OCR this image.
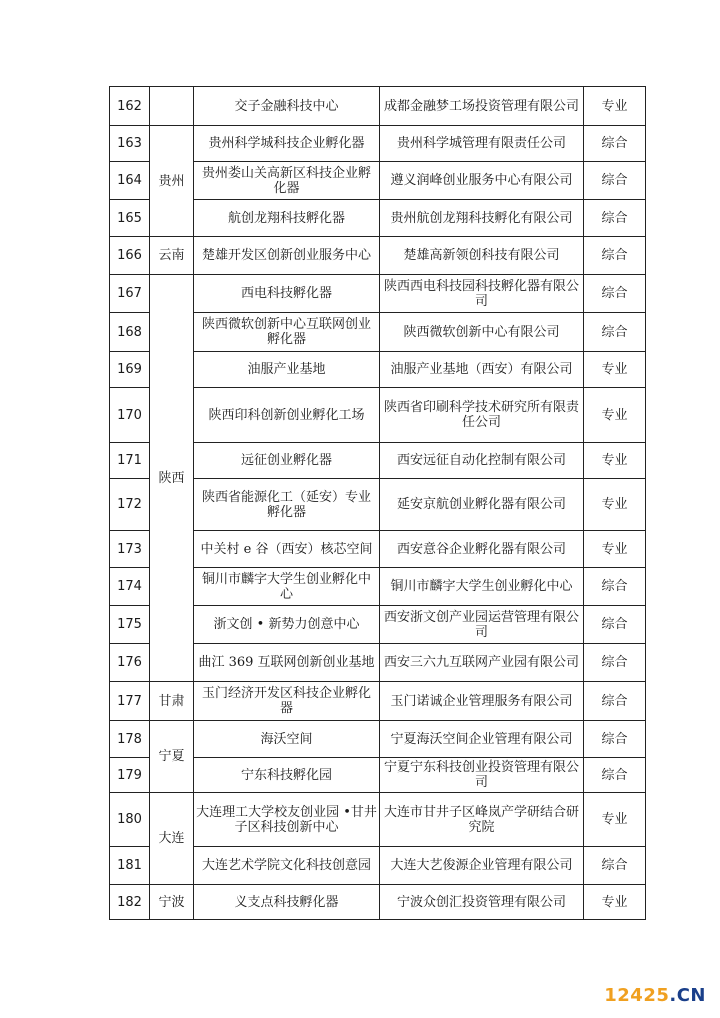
162		交子金融科技中心	成都金融梦工场投资管理有限公司	专业
163	贵州	贵州科学城科技企业孵化器	贵州科学城管理有限责任公司	综合
164		贵州娄山关高新区科技企业孵化器	遵义润峰创业服务中心有限公司	综合
165		航创龙翔科技孵化器	贵州航创龙翔科技孵化有限公司	综合
166	云南	楚雄开发区创新创业服务中心	楚雄高新领创科技有限公司	综合
167	陕西	西电科技孵化器	陕西西电科技园科技孵化器有限公司	综合
168		陕西微软创新中心互联网创业孵化器	陕西微软创新中心有限公司	综合
169		油服产业基地	油服产业基地（西安）有限公司	专业
170		陕西印科创新创业孵化工场	陕西省印刷科学技术研究所有限责任公司	专业
171		远征创业孵化器	西安远征自动化控制有限公司	专业
172		陕西省能源化工（延安）专业孵化器	延安京航创业孵化器有限公司	专业
173		中关村 e 谷（西安）核芯空间	西安意谷企业孵化器有限公司	专业
174		铜川市麟字大学生创业孵化中心	铜川市麟字大学生创业孵化中心	综合
175		浙文创 • 新势力创意中心	西安浙文创产业园运营管理有限公司	综合
176		曲江 369 互联网创新创业基地	西安三六九互联网产业园有限公司	综合
177	甘肃	玉门经济开发区科技企业孵化器	玉门诺诚企业管理服务有限公司	综合
178	宁夏	海沃空间	宁夏海沃空间企业管理有限公司	综合
179		宁东科技孵化园	宁夏宁东科技创业投资管理有限公司	综合
180	大连	大连理工大学校友创业园 •甘井子区科技创新中心	大连市甘井子区峰岚产学研结合研究院	专业
181		大连艺术学院文化科技创意园	大连大艺俊源企业管理有限公司	综合
182	宁波	义支点科技孵化器	宁波众创汇投资管理有限公司	专业
12425.CN
